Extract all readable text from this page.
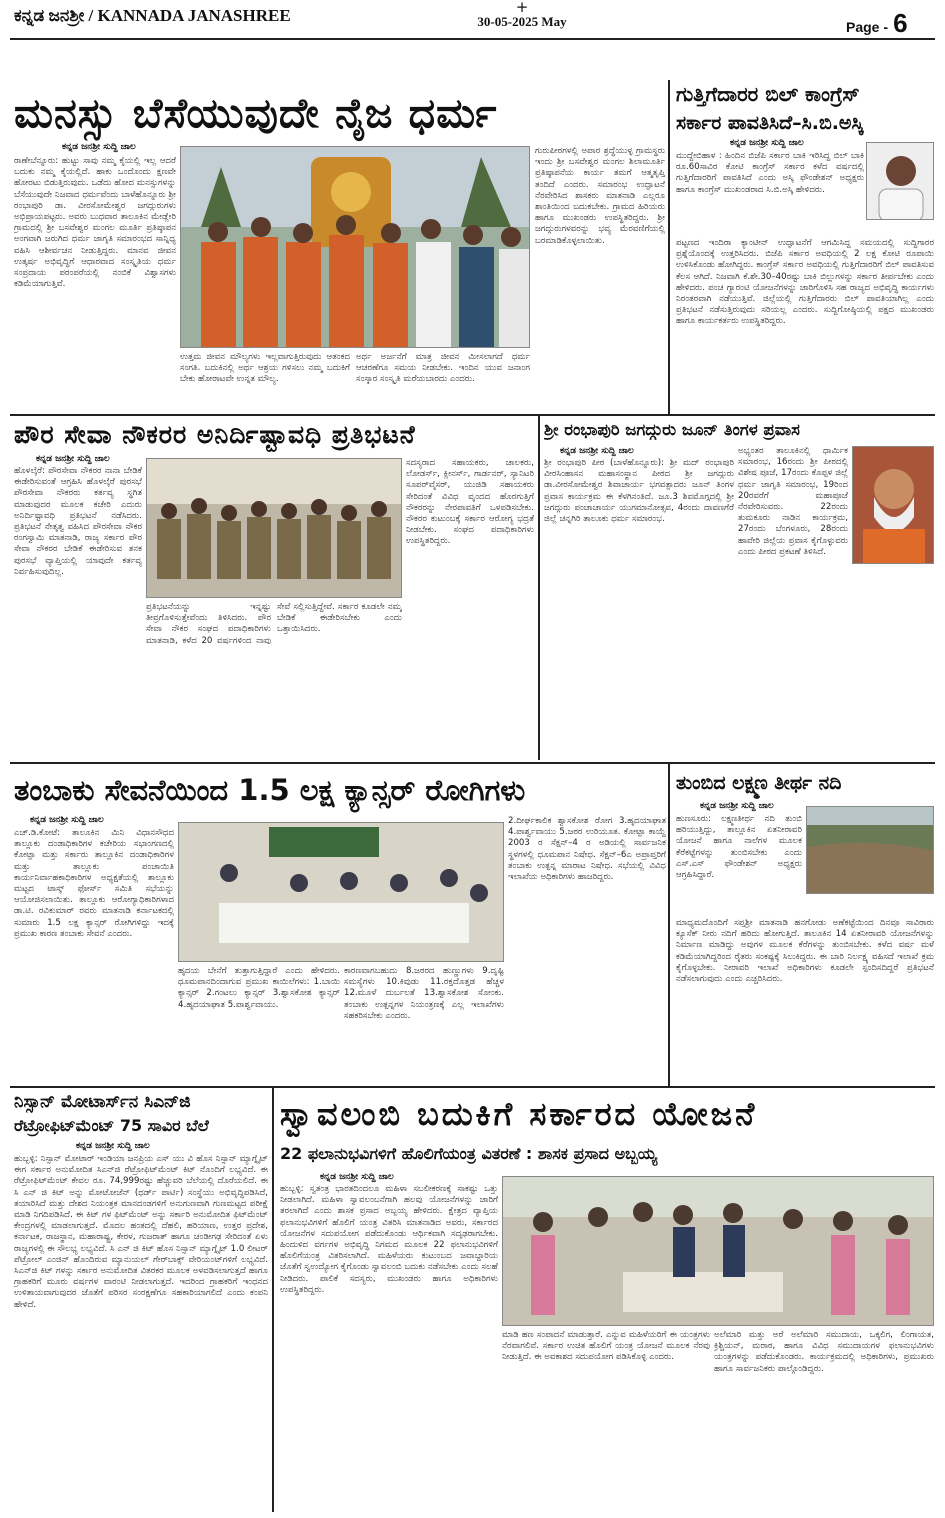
ಕನ್ನಡ ಜನಶ್ರೀ / KANNADA JANASHREE	+
30-05-2025 May	Page - 6
ಮನಸ್ಸು ಬೆಸೆಯುವುದೇ ನೈಜ ಧರ್ಮ
ಕನ್ನಡ ಜನಶ್ರೀ ಸುದ್ದಿ ಜಾಲ
ರಾಣೇಬೆನ್ನೂರು: ಹುಟ್ಟು ಸಾವು ನಮ್ಮ ಕೈಯಲ್ಲಿ ಇಲ್ಲ ಆದರೆ ಬದುಕು ನಮ್ಮ ಕೈಯಲ್ಲಿದೆ. ಹಾಕು ಒಂದೊಂದು ಕ್ಷಣವೇ ಹೋರಟು ಬಿಡುತ್ತಿರುವುದು. ಒಡೆದು ಹೋದ ಮನಸ್ಸುಗಳನ್ನು ಬೆಸೆಯುವುದೇ ನಿಜವಾದ ಧರ್ಮವೆಂದು ಬಾಳೆಹೊನ್ನೂರು ಶ್ರೀ ರಂಭಾಪುರಿ ಡಾ. ವೀರಸೋಮೇಶ್ವರ ಜಗದ್ಗುರುಗಳು ಅಭಿಪ್ರಾಯಪಟ್ಟರು. ಅವರು ಬುಧವಾರ ತಾಲೂಕಿನ ಮೇಡ್ಲೇರಿ ಗ್ರಾಮದಲ್ಲಿ ಶ್ರೀ ಬಸವೇಶ್ವರ ಮಂಗಲ ಮೂರ್ತಿ ಪ್ರತಿಷ್ಠಾಪನ ಅಂಗವಾಗಿ ಜರುಗಿದ ಧರ್ಮ ಜಾಗೃತಿ ಸಮಾರಂಭದ ಸಾನ್ನಿಧ್ಯ ವಹಿಸಿ ಆಶೀರ್ವಚನ ನೀಡುತ್ತಿದ್ದರು. ಮಾನವ ಜೀವನ ಉತ್ಕರ್ಷ ಅಭಿವೃದ್ಧಿಗೆ ಆಧಾರವಾದ ಸಂಸ್ಕೃತಿಯ ಧರ್ಮ ಸಂಪ್ರದಾಯ ಪರಂಪರೆಯಲ್ಲಿ ನಂಬಿಕೆ ವಿಶ್ವಾಸಗಳು ಕಡಿಮೆಯಾಗುತ್ತಿವೆ.
ಉತ್ತಮ ಜೀವನ ಮೌಲ್ಯಗಳು ಇಲ್ಲವಾಗುತ್ತಿರುವುದು ಆತಂಕದ ಸಂಗತಿ. ಬದುಕಿನಲ್ಲಿ ಅರ್ಥ ಆಶ್ರಯ ಗಳಿಸಲು ನಮ್ಮ ಬದುಕಿಗೆ ಬೇಕು ಹೋರಾಟವೇ ಉನ್ನತ ಮೌಲ್ಯ.
ಅರ್ಥ ಅರ್ಜನೆಗೆ ಮಾತ್ರ ಜೀವನ ಮೀಸಲಾಗದೆ ಧರ್ಮ ಆಚರಣೆಗೂ ಸಮಯ ನೀಡಬೇಕು. ಇಂದಿನ ಯುವ ಜನಾಂಗ ಸಂಸ್ಕಾರ ಸಂಸ್ಕೃತಿ ಮರೆಯಬಾರದು ಎಂದರು.
ಗುರುಪೀಠಗಳಲ್ಲಿ ಅಪಾರ ಶ್ರದ್ಧೆಯುಳ್ಳ ಗ್ರಾಮಸ್ಥರು ಇಂದು ಶ್ರೀ ಬಸವೇಶ್ವರ ಮಂಗಲ ಶಿಲಾಮೂರ್ತಿ ಪ್ರತಿಷ್ಠಾಪನೆಯ ಕಾರ್ಯ ತಮಗೆ ಆತ್ಮತೃಪ್ತಿ ತಂದಿದೆ ಎಂದರು. ಸಮಾರಂಭ ಉದ್ಘಾಟನೆ ನೆರವೇರಿಸಿದ ಶಾಸಕರು ಮಾತನಾಡಿ ಎಲ್ಲರೂ ಶಾಂತಿಯಿಂದ ಬದುಕಬೇಕು. ಗ್ರಾಮದ ಹಿರಿಯರು ಹಾಗೂ ಮುಖಂಡರು ಉಪಸ್ಥಿತರಿದ್ದರು. ಶ್ರೀ ಜಗದ್ಗುರುಗಳವರನ್ನು ಭವ್ಯ ಮೆರವಣಿಗೆಯಲ್ಲಿ ಬರಮಾಡಿಕೊಳ್ಳಲಾಯಿತು.
ಗುತ್ತಿಗೆದಾರರ ಬಿಲ್ ಕಾಂಗ್ರೆಸ್
ಸರ್ಕಾರ ಪಾವತಿಸಿದೆ–ಸಿ.ಬಿ.ಅಸ್ಕಿ
ಕನ್ನಡ ಜನಶ್ರೀ ಸುದ್ದಿ ಜಾಲ
ಮುದ್ದೇಬಿಹಾಳ : ಹಿಂದಿನ ಬಿಜೆಪಿ ಸರ್ಕಾರ ಬಾಕಿ ಇರಿಸಿದ್ದ ಬಿಲ್ ಬಾಕಿ ರೂ.60ಸಾವಿರ ಕೋಟಿ ಕಾಂಗ್ರೆಸ್ ಸರ್ಕಾರ ಕಳೆದ ವರ್ಷದಲ್ಲಿ ಗುತ್ತಿಗೆದಾರರಿಗೆ ಪಾವತಿಸಿದೆ ಎಂದು ಅಸ್ಕಿ ಫೌಂಡೇಶನ್ ಅಧ್ಯಕ್ಷರು ಹಾಗೂ ಕಾಂಗ್ರೆಸ್ ಮುಖಂಡರಾದ ಸಿ.ಬಿ.ಅಸ್ಕಿ ಹೇಳಿದರು.
ಪಟ್ಟಣದ ಇಂದಿರಾ ಕ್ಯಾಂಟೀನ್ ಉದ್ಘಾಟನೆಗೆ ಆಗಮಿಸಿದ್ದ ಸಮಯದಲ್ಲಿ ಸುದ್ದಿಗಾರರ ಪ್ರಶ್ನೆಯೊಂದಕ್ಕೆ ಉತ್ತರಿಸಿದರು. ಬಿಜೆಪಿ ಸರ್ಕಾರ ಅವಧಿಯಲ್ಲಿ 2 ಲಕ್ಷ ಕೋಟಿ ರೂಪಾಯಿ ಉಳಿಸಿಕೊಂಡು ಹೋಗಿದ್ದರು. ಕಾಂಗ್ರೆಸ್ ಸರ್ಕಾರ ಅವಧಿಯಲ್ಲಿ ಗುತ್ತಿಗೆದಾರರಿಗೆ ಬಿಲ್ ಪಾವತಿಸುವ ಕೆಲಸ ಆಗಿದೆ. ನಿಜವಾಗಿ ಕೆ.ಶೇ.30–40ರಷ್ಟು ಬಾಕಿ ಬಿಲ್ಲುಗಳನ್ನು ಸರ್ಕಾರ ತೀರ್ಪಬೇಕು ಎಂದು ಹೇಳಿದರು. ಪಂಚ ಗ್ಯಾರಂಟಿ ಯೋಜನೆಗಳನ್ನು ಜಾರಿಗೊಳಿಸಿ ಸಹ ರಾಜ್ಯದ ಅಭಿವೃದ್ಧಿ ಕಾರ್ಯಗಳು ನಿರಂತರವಾಗಿ ನಡೆಯುತ್ತಿವೆ. ಜಿಲ್ಲೆಯಲ್ಲಿ ಗುತ್ತಿಗೆದಾರರು ಬಿಲ್ ಪಾವತಿಯಾಗಿಲ್ಲ ಎಂದು ಪ್ರತಿಭಟನೆ ನಡೆಸುತ್ತಿರುವುದು ಸರಿಯಲ್ಲ ಎಂದರು. ಸುದ್ದಿಗೋಷ್ಠಿಯಲ್ಲಿ ಪಕ್ಷದ ಮುಖಂಡರು ಹಾಗೂ ಕಾರ್ಯಕರ್ತರು ಉಪಸ್ಥಿತರಿದ್ದರು.
ಪೌರ ಸೇವಾ ನೌಕರರ ಅನಿರ್ದಿಷ್ಟಾವಧಿ ಪ್ರತಿಭಟನೆ
ಕನ್ನಡ ಜನಶ್ರೀ ಸುದ್ದಿ ಜಾಲ
ಹೊಳಲ್ಕೆರೆ: ಪೌರಸೇವಾ ನೌಕರರ ನಾನಾ ಬೇಡಿಕೆ ಈಡೇರಿಸುವಂತೆ ಆಗ್ರಹಿಸಿ ಹೊಳಲ್ಕೆರೆ ಪುರಸಭೆ ಪೌರಸೇವಾ ನೌಕರರು ಕರ್ತವ್ಯ ಸ್ಥಗಿತ ಮಾಡುವುದರ ಮೂಲಕ ಕಚೇರಿ ಎದುರು ಅನಿರ್ದಿಷ್ಟಾವಧಿ ಪ್ರತಿಭಟನೆ ನಡೆಸಿದರು. ಪ್ರತಿಭಟನೆ ನೇತೃತ್ವ ವಹಿಸಿದ ಪೌರಸೇವಾ ನೌಕರ ರಂಗಸ್ವಾಮಿ ಮಾತನಾಡಿ, ರಾಜ್ಯ ಸರ್ಕಾರ ಪೌರ ಸೇವಾ ನೌಕರರ ಬೇಡಿಕೆ ಈಡೇರಿಸುವ ತನಕ ಪುರಸಭೆ ವ್ಯಾಪ್ತಿಯಲ್ಲಿ ಯಾವುದೇ ಕರ್ತವ್ಯ ನಿರ್ವಹಿಸುವುದಿಲ್ಲ.
ಪ್ರತಿಭಟನೆಯನ್ನು ಇನ್ನಷ್ಟು ತೀವ್ರಗೊಳಿಸುತ್ತೇವೆಂದು ತಿಳಿಸಿದರು. ಪೌರ ಸೇವಾ ನೌಕರ ಸಂಘದ ಪದಾಧಿಕಾರಿಗಳು ಮಾತನಾಡಿ, ಕಳೆದ 20 ವರ್ಷಗಳಿಂದ ನಾವು ಸೇವೆ ಸಲ್ಲಿಸುತ್ತಿದ್ದೇವೆ. ಸರ್ಕಾರ ಕೂಡಲೇ ನಮ್ಮ ಬೇಡಿಕೆ ಈಡೇರಿಸಬೇಕು ಎಂದು ಒತ್ತಾಯಿಸಿದರು.
ಸದಸ್ಯರಾದ ಸಹಾಯಕರು, ಚಾಲಕರು, ಲೋಡರ್ಸ್, ಕ್ಲೀನರ್ಸ್, ಗಾರ್ಡನರ್, ಸ್ಯಾನಿಟರಿ ಸೂಪರ್‌ವೈಸರ್, ಯುಜಿಡಿ ಸಹಾಯಕರು ಸೇರಿದಂತೆ ವಿವಿಧ ವೃಂದದ ಹೊರಗುತ್ತಿಗೆ ನೌಕರರನ್ನು ನೇರಪಾವತಿಗೆ ಒಳಪಡಿಸಬೇಕು. ನೌಕರರ ಕುಟುಂಬಕ್ಕೆ ಸರ್ಕಾರ ಆರೋಗ್ಯ ಭದ್ರತೆ ನೀಡಬೇಕು. ಸಂಘದ ಪದಾಧಿಕಾರಿಗಳು ಉಪಸ್ಥಿತರಿದ್ದರು.
ಶ್ರೀ ರಂಭಾಪುರಿ ಜಗದ್ಗುರು ಜೂನ್ ತಿಂಗಳ ಪ್ರವಾಸ
ಕನ್ನಡ ಜನಶ್ರೀ ಸುದ್ದಿ ಜಾಲ
ಶ್ರೀ ರಂಭಾಪುರಿ ಪೀಠ (ಬಾಳೆಹೊನ್ನೂರು): ಶ್ರೀ ಮದ್ ರಂಭಾಪುರಿ ವೀರಸಿಂಹಾಸನ ಮಹಾಸಂಸ್ಥಾನ ಪೀಠದ ಶ್ರೀ ಜಗದ್ಗುರು ಡಾ.ವೀರಸೋಮೇಶ್ವರ ಶಿವಾಚಾರ್ಯ ಭಗವತ್ಪಾದರು ಜೂನ್ ತಿಂಗಳ ಪ್ರವಾಸ ಕಾರ್ಯಕ್ರಮ ಈ ಕೆಳಗಿನಂತಿದೆ. ಜೂ.3 ಶಿವಮೊಗ್ಗದಲ್ಲಿ ಶ್ರೀ ಜಗದ್ಗುರು ಪಂಚಾಚಾರ್ಯ ಯುಗಮಾನೋತ್ಸವ, 4ರಂದು ದಾವಣಗೆರೆ ಜಿಲ್ಲೆ ಚನ್ನಗಿರಿ ತಾಲೂಕು ಧರ್ಮ ಸಮಾರಂಭ.
ಅಭ್ಯಂತರ ತಾಲೂಕಿನಲ್ಲಿ ಧಾರ್ಮಿಕ ಸಮಾರಂಭ, 16ರಂದು ಶ್ರೀ ಪೀಠದಲ್ಲಿ ವಿಶೇಷ ಪೂಜೆ, 17ರಂದು ಕೊಪ್ಪಳ ಜಿಲ್ಲೆ ಧರ್ಮ ಜಾಗೃತಿ ಸಮಾರಂಭ, 19ರಿಂದ 20ರವರೆಗೆ ಮಹಾಪೂಜೆ ನೆರವೇರಿಸುವರು. 22ರಂದು ತುಮಕೂರು ನಾಡಿನ ಕಾರ್ಯಕ್ರಮ, 27ರಂದು ಬೆಂಗಳೂರು, 28ರಂದು ಹಾವೇರಿ ಜಿಲ್ಲೆಯ ಪ್ರವಾಸ ಕೈಗೊಳ್ಳುವರು ಎಂದು ಪೀಠದ ಪ್ರಕಟಣೆ ತಿಳಿಸಿದೆ.
ತಂಬಾಕು ಸೇವನೆಯಿಂದ 1.5 ಲಕ್ಷ ಕ್ಯಾನ್ಸರ್ ರೋಗಿಗಳು
ಕನ್ನಡ ಜನಶ್ರೀ ಸುದ್ದಿ ಜಾಲ
ಎಚ್.ಡಿ.ಕೋಟೆ: ತಾಲೂಕಿನ ಮಿನಿ ವಿಧಾನಸೌಧದ ತಾಲ್ಲೂಕು ದಂಡಾಧಿಕಾರಿಗಳ ಕಚೇರಿಯ ಸಭಾಂಗಣದಲ್ಲಿ ಕೋಟ್ಪಾ ಮತ್ತು ಸರ್ಕಾರು ತಾಲ್ಲೂಕಿನ ದಂಡಾಧಿಕಾರಿಗಳ ಮತ್ತು ತಾಲ್ಲೂಕು ಪಂಚಾಯಿತಿ ಕಾರ್ಯನಿರ್ವಾಹಕಾಧಿಕಾರಿಗಳ ಅಧ್ಯಕ್ಷತೆಯಲ್ಲಿ ತಾಲ್ಲೂಕು ಮಟ್ಟದ ಟಾಸ್ಕ್ ಫೋರ್ಸ್ ಸಮಿತಿ ಸಭೆಯನ್ನು ಆಯೋಜಿಸಲಾಯಿತು. ತಾಲ್ಲೂಕು ಆರೋಗ್ಯಾಧಿಕಾರಿಗಳಾದ ಡಾ.ಟಿ. ರವಿಕುಮಾರ್ ರವರು ಮಾತನಾಡಿ ಕರ್ನಾಟಕದಲ್ಲಿ ಸುಮಾರು 1.5 ಲಕ್ಷ ಕ್ಯಾನ್ಸರ್ ರೋಗಿಗಳಿದ್ದು ಇದಕ್ಕೆ ಪ್ರಮುಖ ಕಾರಣ ತಂಬಾಕು ಸೇವನೆ ಎಂದರು.
ಹೃದಯ ಬೇನೆಗೆ ತುತ್ತಾಗುತ್ತಿದ್ದಾರೆ ಎಂದು ಹೇಳಿದರು. ಧೂಮಪಾನದಿಂದಾಗುವ ಪ್ರಮುಖ ಕಾಯಿಲೆಗಳು: 1.ಬಾಯಿ ಕ್ಯಾನ್ಸರ್ 2.ಗಂಟಲು ಕ್ಯಾನ್ಸರ್ 3.ಶ್ವಾಸಕೋಶ ಕ್ಯಾನ್ಸರ್ 4.ಹೃದಯಾಘಾತ 5.ಪಾರ್ಶ್ವವಾಯು.
ಕಾರಣವಾಗಬಹುದು 8.ಜಠರದ ಹುಣ್ಣುಗಳು 9.ದೃಷ್ಟಿ ಸಮಸ್ಯೆಗಳು 10.ಕಿವುಡು 11.ರಕ್ತದೊತ್ತಡ ಹೆಚ್ಚಳ 12.ಮೂಳೆ ದುರ್ಬಲತೆ 13.ಶ್ವಾಸಕೋಶ ಸೋಂಕು. ತಂಬಾಕು ಉತ್ಪನ್ನಗಳ ನಿಯಂತ್ರಣಕ್ಕೆ ಎಲ್ಲ ಇಲಾಖೆಗಳು ಸಹಕರಿಸಬೇಕು ಎಂದರು.
2.ದೀರ್ಘಕಾಲಿಕ ಶ್ವಾಸಕೋಶ ರೋಗ 3.ಹೃದಯಾಘಾತ 4.ಪಾರ್ಶ್ವವಾಯು 5.ಜಠರ ಉರಿಯೂತ. ಕೋಟ್ಪಾ ಕಾಯ್ದೆ 2003 ರ ಸೆಕ್ಷನ್–4 ರ ಅಡಿಯಲ್ಲಿ ಸಾರ್ವಜನಿಕ ಸ್ಥಳಗಳಲ್ಲಿ ಧೂಮಪಾನ ನಿಷೇಧ. ಸೆಕ್ಷನ್–6ಎ ಅಪ್ರಾಪ್ತರಿಗೆ ತಂಬಾಕು ಉತ್ಪನ್ನ ಮಾರಾಟ ನಿಷೇಧ. ಸಭೆಯಲ್ಲಿ ವಿವಿಧ ಇಲಾಖೆಯ ಅಧಿಕಾರಿಗಳು ಹಾಜರಿದ್ದರು.
ತುಂಬಿದ ಲಕ್ಷ್ಮಣ ತೀರ್ಥ ನದಿ
ಕನ್ನಡ ಜನಶ್ರೀ ಸುದ್ದಿ ಜಾಲ
ಹುಣಸೂರು: ಲಕ್ಷ್ಮಣತೀರ್ಥ ನದಿ ತುಂಬಿ ಹರಿಯುತ್ತಿದ್ದು, ತಾಲ್ಲೂಕಿನ ಏತನೀರಾವರಿ ಯೋಜನೆ ಹಾಗೂ ನಾಲೆಗಳ ಮೂಲಕ ಕೆರೆಕಟ್ಟೆಗಳನ್ನು ತುಂಬಿಸಬೇಕು ಎಂದು ಎಸ್.ಎಸ್ ಫೌಂಡೇಶನ್ ಅಧ್ಯಕ್ಷರು ಆಗ್ರಹಿಸಿದ್ದಾರೆ.
ಮಾಧ್ಯಮದೊಂದಿಗೆ ಸಪ್ತಶ್ರೀ ಮಾತನಾಡಿ ಹನಗೋಡು ಅಣೆಕಟ್ಟೆಯಿಂದ ದಿನವೂ ಸಾವಿರಾರು ಕ್ಯೂಸೆಕ್ ನೀರು ನದಿಗೆ ಹರಿದು ಹೋಗುತ್ತಿದೆ. ತಾಲೂಕಿನ 14 ಏತನೀರಾವರಿ ಯೋಜನೆಗಳನ್ನು ನಿರ್ಮಾಣ ಮಾಡಿದ್ದು ಅವುಗಳ ಮೂಲಕ ಕೆರೆಗಳನ್ನು ತುಂಬಿಸಬೇಕು. ಕಳೆದ ವರ್ಷ ಮಳೆ ಕಡಿಮೆಯಾಗಿದ್ದರಿಂದ ರೈತರು ಸಂಕಷ್ಟಕ್ಕೆ ಸಿಲುಕಿದ್ದರು. ಈ ಬಾರಿ ನಿರ್ಲಕ್ಷ್ಯ ವಹಿಸದೆ ಇಲಾಖೆ ಕ್ರಮ ಕೈಗೊಳ್ಳಬೇಕು. ನೀರಾವರಿ ಇಲಾಖೆ ಅಧಿಕಾರಿಗಳು ಕೂಡಲೇ ಸ್ಪಂದಿಸದಿದ್ದರೆ ಪ್ರತಿಭಟನೆ ನಡೆಸಲಾಗುವುದು ಎಂದು ಎಚ್ಚರಿಸಿದರು.
ನಿಸ್ಸಾನ್ ಮೋಟಾರ್ಸ್‌ನ ಸಿಎನ್‌ಜಿ
ರೆಟ್ರೋಫಿಟ್‌ಮೆಂಟ್ 75 ಸಾವಿರ ಬೆಲೆ
ಕನ್ನಡ ಜನಶ್ರೀ ಸುದ್ದಿ ಜಾಲ
ಹುಬ್ಬಳ್ಳಿ: ನಿಸ್ಸಾನ್ ಮೋಟಾರ್ ಇಂಡಿಯಾ ಜನಪ್ರಿಯ ಎಸ್ ಯು ವಿ ಹೊಸ ನಿಸ್ಸಾನ್ ಮ್ಯಾಗ್ನೈಟ್ ಈಗ ಸರ್ಕಾರ ಅನುಮೋದಿತ ಸಿಎನ್‌ಜಿ ರೆಟ್ರೋಫಿಟ್‌ಮೆಂಟ್ ಕಿಟ್ ನೊಂದಿಗೆ ಲಭ್ಯವಿದೆ. ಈ ರೆಟ್ರೋಫಿಟ್‌ಮೆಂಟ್ ಕೇವಲ ರೂ. 74,999ರಷ್ಟು ಹೆಚ್ಚುವರಿ ಬೆಲೆಯಲ್ಲಿ ದೊರೆಯಲಿದೆ. ಈ ಸಿ ಎನ್ ಜಿ ಕಿಟ್ ಅನ್ನು ಮೋಟೋಜೆನ್ (ಥರ್ಡ್ ಪಾರ್ಟಿ) ಸಂಸ್ಥೆಯು ಅಭಿವೃದ್ಧಿಪಡಿಸಿದೆ, ತಯಾರಿಸಿದೆ ಮತ್ತು ದೇಶದ ನಿಯಂತ್ರಕ ಮಾನದಂಡಗಳಿಗೆ ಅನುಗುಣವಾಗಿ ಗುಣಮಟ್ಟದ ಪರೀಕ್ಷೆ ಮಾಡಿ ನಿಗದಿಪಡಿಸಿದೆ. ಈ ಕಿಟ್ ಗಳ ಫಿಟ್‌ಮೆಂಟ್ ಅನ್ನು ಸರ್ಕಾರಿ ಅನುಮೋದಿತ ಫಿಟ್‌ಮೆಂಟ್ ಕೇಂದ್ರಗಳಲ್ಲಿ ಮಾಡಲಾಗುತ್ತದೆ. ಮೊದಲ ಹಂತದಲ್ಲಿ ದೆಹಲಿ, ಹರಿಯಾಣ, ಉತ್ತರ ಪ್ರದೇಶ, ಕರ್ನಾಟಕ, ರಾಜಸ್ಥಾನ, ಮಹಾರಾಷ್ಟ್ರ, ಕೇರಳ, ಗುಜರಾತ್ ಹಾಗೂ ಚಂಡೀಗಢ ಸೇರಿದಂತೆ ಏಳು ರಾಜ್ಯಗಳಲ್ಲಿ ಈ ಸೌಲಭ್ಯ ಲಭ್ಯವಿದೆ. ಸಿ ಎನ್ ಜಿ ಕಿಟ್ ಹೊಸ ನಿಸ್ಸಾನ್ ಮ್ಯಾಗ್ನೈಟ್ 1.0 ಲೀಟರ್ ಪೆಟ್ರೋಲ್ ಎಂಜಿನ್ ಹೊಂದಿರುವ ಮ್ಯಾನುಯಲ್ ಗೇರ್‌ಬಾಕ್ಸ್ ವೇರಿಯಂಟ್‌ಗಳಿಗೆ ಲಭ್ಯವಿದೆ. ಸಿಎನ್‌ಜಿ ಕಿಟ್ ಗಳನ್ನು ಸರ್ಕಾರ ಅನುಮೋದಿತ ವಿತರಕರ ಮೂಲಕ ಅಳವಡಿಸಲಾಗುತ್ತದೆ ಹಾಗೂ ಗ್ರಾಹಕರಿಗೆ ಮೂರು ವರ್ಷಗಳ ವಾರಂಟಿ ನೀಡಲಾಗುತ್ತದೆ. ಇದರಿಂದ ಗ್ರಾಹಕರಿಗೆ ಇಂಧನದ ಉಳಿತಾಯವಾಗುವುದರ ಜೊತೆಗೆ ಪರಿಸರ ಸಂರಕ್ಷಣೆಗೂ ಸಹಕಾರಿಯಾಗಲಿದೆ ಎಂದು ಕಂಪನಿ ಹೇಳಿದೆ.
ಸ್ವಾವಲಂಬಿ ಬದುಕಿಗೆ ಸರ್ಕಾರದ ಯೋಜನೆ
22 ಫಲಾನುಭವಿಗಳಿಗೆ ಹೊಲಿಗೆಯಂತ್ರ ವಿತರಣೆ : ಶಾಸಕ ಪ್ರಸಾದ ಅಬ್ಬಯ್ಯ
ಕನ್ನಡ ಜನಶ್ರೀ ಸುದ್ದಿ ಜಾಲ
ಹುಬ್ಬಳ್ಳಿ: ಸ್ವತಂತ್ರ ಭಾರತದಿಂದಲೂ ಮಹಿಳಾ ಸಬಲೀಕರಣಕ್ಕೆ ಸಾಕಷ್ಟು ಒತ್ತು ನೀಡಲಾಗಿದೆ. ಮಹಿಳಾ ಸ್ವಾವಲಂಬನೆಗಾಗಿ ಹಲವು ಯೋಜನೆಗಳನ್ನು ಜಾರಿಗೆ ತರಲಾಗಿದೆ ಎಂದು ಶಾಸಕ ಪ್ರಸಾದ ಅಬ್ಬಯ್ಯ ಹೇಳಿದರು. ಕ್ಷೇತ್ರದ ವ್ಯಾಪ್ತಿಯ ಫಲಾನುಭವಿಗಳಿಗೆ ಹೊಲಿಗೆ ಯಂತ್ರ ವಿತರಿಸಿ ಮಾತನಾಡಿದ ಅವರು, ಸರ್ಕಾರದ ಯೋಜನೆಗಳ ಸದುಪಯೋಗ ಪಡೆದುಕೊಂಡು ಆರ್ಥಿಕವಾಗಿ ಸದೃಢರಾಗಬೇಕು. ಹಿಂದುಳಿದ ವರ್ಗಗಳ ಅಭಿವೃದ್ಧಿ ನಿಗಮದ ಮೂಲಕ 22 ಫಲಾನುಭವಿಗಳಿಗೆ ಹೊಲಿಗೆಯಂತ್ರ ವಿತರಿಸಲಾಗಿದೆ. ಮಹಿಳೆಯರು ಕುಟುಂಬದ ಜವಾಬ್ದಾರಿಯ ಜೊತೆಗೆ ಸ್ವಉದ್ಯೋಗ ಕೈಗೊಂಡು ಸ್ವಾವಲಂಬಿ ಬದುಕು ನಡೆಸಬೇಕು ಎಂದು ಸಲಹೆ ನೀಡಿದರು. ಪಾಲಿಕೆ ಸದಸ್ಯರು, ಮುಖಂಡರು ಹಾಗೂ ಅಧಿಕಾರಿಗಳು ಉಪಸ್ಥಿತರಿದ್ದರು.
ಮಾಡಿ ಹಣ ಸಂಪಾದನೆ ಮಾಡುತ್ತಾರೆ. ಎನ್ನುವ ಮಹಿಳೆಯರಿಗೆ ಈ ಯಂತ್ರಗಳು ನೆರವಾಗಲಿವೆ. ಸರ್ಕಾರ ಉಚಿತ ಹೊಲಿಗೆ ಯಂತ್ರ ಯೋಜನೆ ಮೂಲಕ ನೆರವು ನೀಡುತ್ತಿದೆ. ಈ ಅವಕಾಶದ ಸದುಪಯೋಗ ಪಡಿಸಿಕೊಳ್ಳಿ ಎಂದರು.
ಅಲೆಮಾರಿ ಮತ್ತು ಅರೆ ಅಲೆಮಾರಿ ಸಮುದಾಯ, ಒಕ್ಕಲಿಗ, ಲಿಂಗಾಯತ, ಕ್ರಿಶ್ಚಿಯನ್, ಮರಾಠ, ಹಾಗೂ ವಿವಿಧ ಸಮುದಾಯಗಳ ಫಲಾನುಭವಿಗಳು ಯಂತ್ರಗಳನ್ನು ಪಡೆದುಕೊಂಡರು. ಕಾರ್ಯಕ್ರಮದಲ್ಲಿ ಅಧಿಕಾರಿಗಳು, ಪ್ರಮುಖರು ಹಾಗೂ ಸಾರ್ವಜನಿಕರು ಪಾಲ್ಗೊಂಡಿದ್ದರು.
